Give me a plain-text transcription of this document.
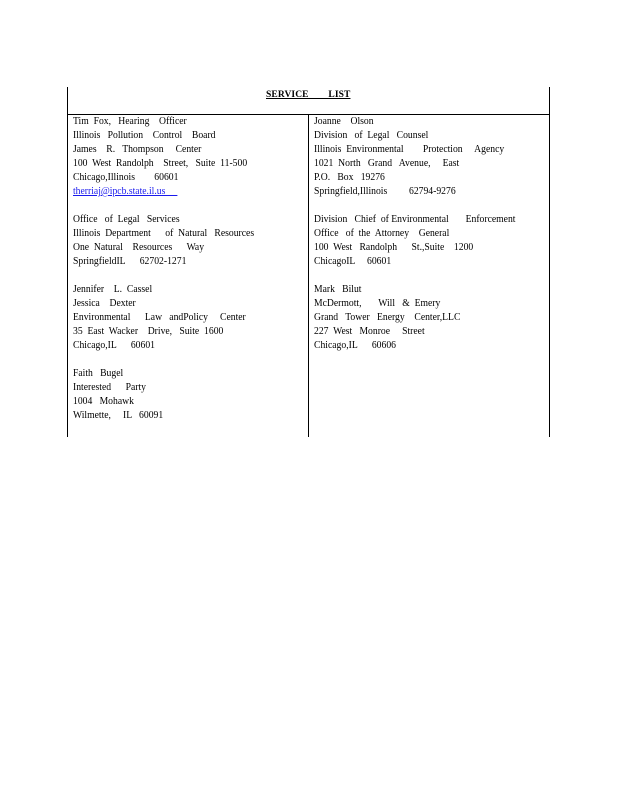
SERVICE        LIST
Tim  Fox,   Hearing    Officer
Illinois   Pollution    Control    Board
James    R.   Thompson     Center
100  West  Randolph    Street,   Suite  11-500
Chicago,Illinois        60601
therriaj@ipcb.state.il.us
Office   of  Legal   Services
Illinois  Department      of  Natural   Resources
One  Natural    Resources      Way
SpringfieldIL      62702-1271
Jennifer    L.  Cassel
Jessica    Dexter
Environmental      Law   andPolicy     Center
35  East  Wacker    Drive,   Suite  1600
Chicago,IL      60601
Faith   Bugel
Interested      Party
1004   Mohawk
Wilmette,     IL   60091
Joanne    Olson
Division   of  Legal   Counsel
Illinois  Environmental        Protection     Agency
1021  North   Grand   Avenue,     East
P.O.   Box   19276
Springfield,Illinois         62794-9276
Division   Chief  of Environmental       Enforcement
Office   of  the  Attorney    General
100  West   Randolph      St.,Suite    1200
ChicagoIL     60601
Mark   Bilut
McDermott,       Will   &  Emery
Grand   Tower   Energy    Center,LLC
227  West   Monroe     Street
Chicago,IL      60606
